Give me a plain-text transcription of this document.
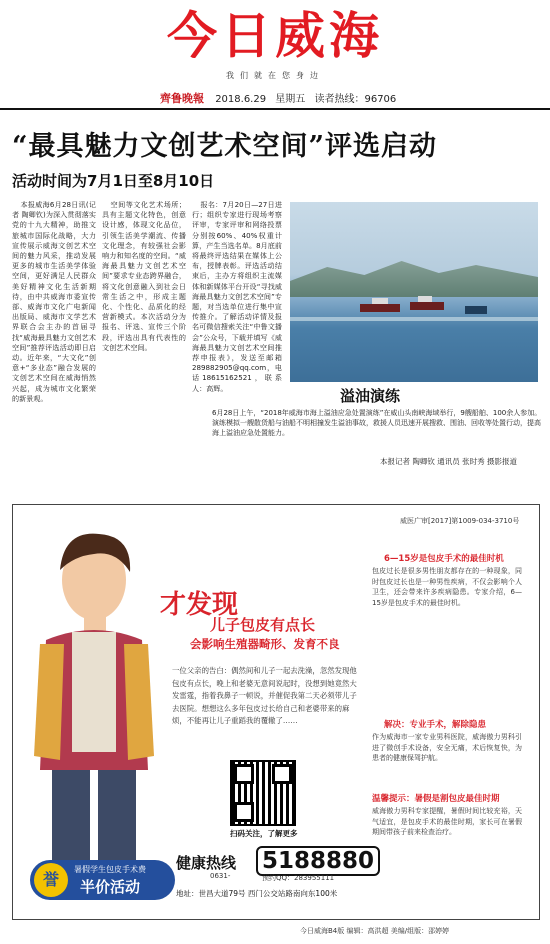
今日威海
我们就在您身边
齊鲁晚報 2018.6.29 星期五 读者热线：96706
“最具魅力文创艺术空间”评选启动
活动时间为7月1日至8月10日

本报威海6月28日讯(记者 陶卿钦)为深入贯彻落实党的十九大精神，助推文旅城市国际化战略，大力宣传展示威海文创艺术空间的魅力风采，推动发展更多的城市生活美学体验空间，更好满足人民群众美好精神文化生活新期待，由中共威海市委宣传部、威海市文化广电新闻出版局、威海市文学艺术界联合会主办的首届寻找“威海最具魅力文创艺术空间”推荐评选活动即日启动。近年来，“大文化”创意+“多业态”融合发展的文创艺术空间在威海悄然兴起，成为城市文化繁荣的新景观。

空间等文化艺术场所；具有主题文化特色，创意设计感，体现文化品位，引领生活美学潮流、传播文化理念，有较强社会影响力和知名度的空间。“威海最具魅力文创艺术空间”要求专业态跨界融合，将文化创意融入到社会日常生活之中，形成主题化、个性化、品质化的经营新模式。本次活动分为报名、评选、宣传三个阶段，评选出具有代表性的文创艺术空间。

报名：7月20日—27日进行；组织专家进行现场考察评审，专家评审和网络投票分别按60%、40%权重计算，产生当选名单。8月底前将最终评选结果在媒体上公布，授牌表彰。评选活动结束后，主办方将组织主流媒体和新媒体平台开设“寻找威海最具魅力文创艺术空间”专题，对当选单位进行集中宣传推介。了解活动详情及报名可微信搜索关注“中鲁文播会”公众号，下载并填写《威海最具魅力文创艺术空间推荐申报表》，发送至邮箱289882905@qq.com，电话18615162521，联系人：高辉。	溢油演练
6月28日上午，“2018年威海市海上溢油应急处置演练”在威山头南峡海域举行，9艘船舶、100余人参加。演练模拟一艘散货船与油船不明相撞发生溢油事故，救援人员迅速开展搜救、围油、回收等处置行动，提高海上溢油应急处置能力。
本报记者 陶卿钦 通讯员 张时秀 摄影报道
威医广审[2017]第1009-034-3710号
才发现
儿子包皮有点长
会影响生殖器畸形、发育不良
一位父亲的告白：偶然间和儿子一起去洗澡，忽然发现他包皮有点长，晚上和老婆无意间说起时，没想到她竟然大发雷霆，指着我鼻子一顿说，并催促我第二天必须带儿子去医院。想想这么多年包皮过长给自己和老婆带来的麻烦，不能再让儿子重蹈我的覆辙了……
扫码关注，了解更多
健康热线 5188880
0631-	预约QQ：283955111
地址：世昌大道79号 西门公交站路南向东100米
誉
暑假学生包皮手术费
半价活动
6—15岁是包皮手术的最佳时机
包皮过长是很多男性朋友都存在的一种现象，同时包皮过长也是一种男性疾病，不仅会影响个人卫生，还会带来许多疾病隐患。专家介绍，6—15岁是包皮手术的最佳时机。
解决：专业手术，解除隐患
作为威海市一家专业男科医院，威海傲力男科引进了微创手术设备，安全无痛，术后恢复快，为患者的健康保驾护航。
温馨提示：暑假是割包皮最佳时期
威海傲力男科专家提醒，暑假时间比较充裕，天气适宜，是包皮手术的最佳时期，家长可在暑假期间带孩子前来检查治疗。
今日威海B4版 编辑：高洪超 美编/组版：邵婷婷
